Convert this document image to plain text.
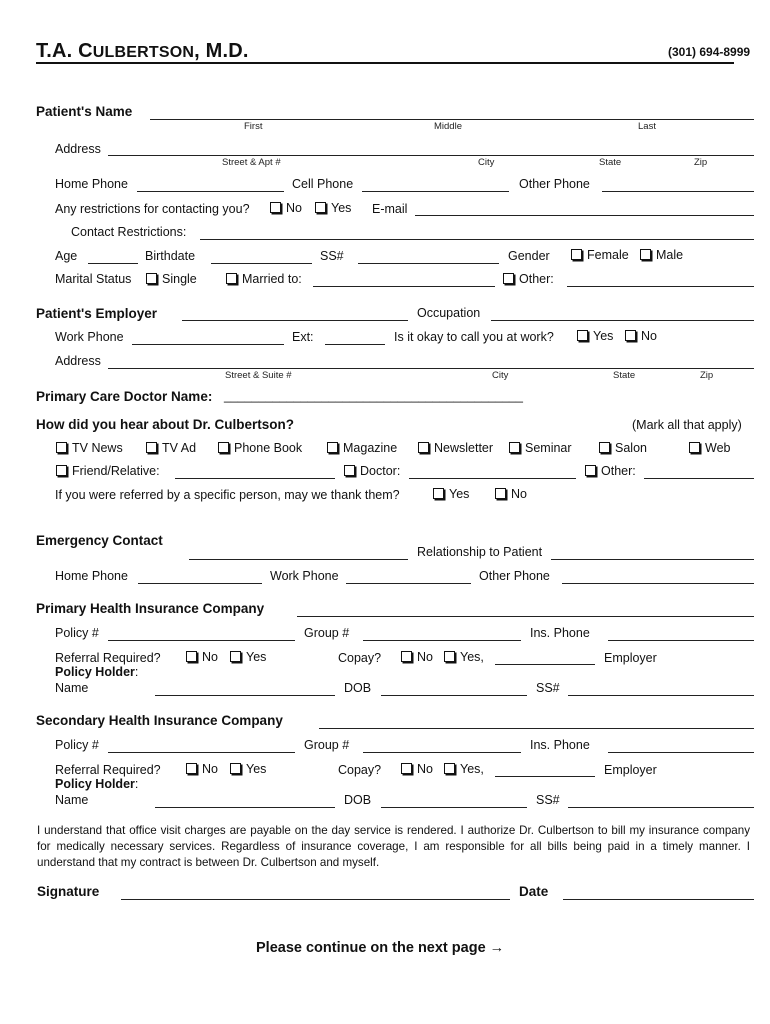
T.A. CULBERTSON, M.D.	(301) 694-8999
Patient's Name
First	Middle	Last
Address
Street & Apt #	City	State	Zip
Home Phone	Cell Phone	Other Phone
Any restrictions for contacting you?	No	Yes E-mail
Contact Restrictions:
Age	Birthdate	SS#	Gender	Female	Male
Marital Status	Single	Married to:	Other:
Patient's Employer	Occupation
Work Phone	Ext:	Is it okay to call you at work?	Yes	No
Address
Street & Suite #	City	State	Zip
Primary Care Doctor Name: ___________________________________________
How did you hear about Dr. Culbertson?	(Mark all that apply)
TV News	TV Ad	Phone Book	Magazine	Newsletter	Seminar	Salon	Web
Friend/Relative:	Doctor:	Other:
If you were referred by a specific person, may we thank them?	Yes	No
Emergency Contact
Relationship to Patient
Home Phone	Work Phone	Other Phone
Primary Health Insurance Company
Policy #	Group #	Ins. Phone
Referral Required?	No	Yes	Copay?	No	Yes,	Employer
Policy Holder:
Name	DOB	SS#
Secondary Health Insurance Company
Policy #	Group #	Ins. Phone
Referral Required?	No	Yes	Copay?	No	Yes,	Employer
Policy Holder:
Name	DOB	SS#
I understand that office visit charges are payable on the day service is rendered. I authorize Dr. Culbertson to bill my insurance company for medically necessary services. Regardless of insurance coverage, I am responsible for all bills being paid in a timely manner. I understand that my contract is between Dr. Culbertson and myself.
Signature	Date
Please continue on the next page →
